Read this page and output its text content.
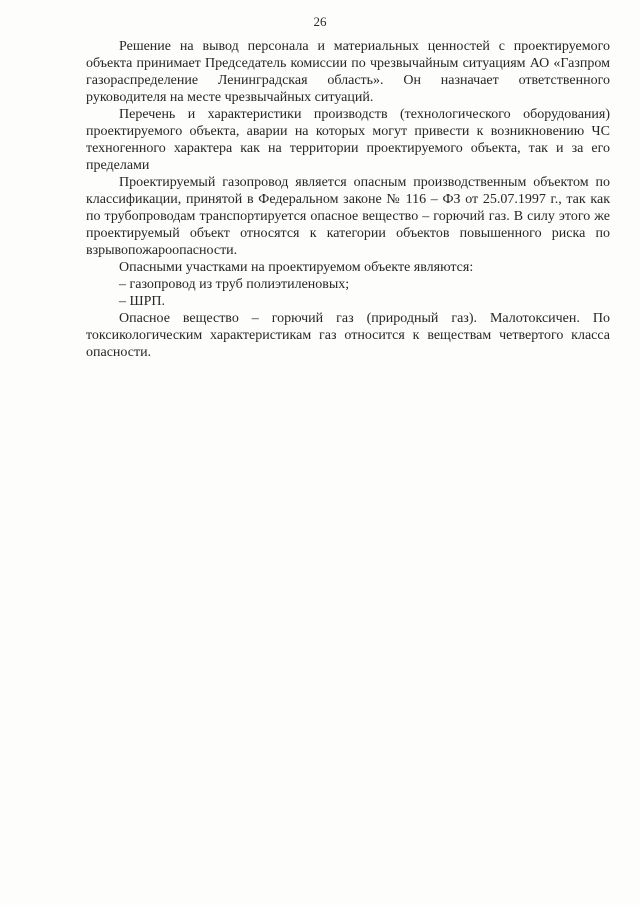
26

Решение на вывод персонала и материальных ценностей с проектируемого объекта принимает Председатель комиссии по чрезвычайным ситуациям АО «Газпром газораспределение Ленинградская область». Он назначает ответственного руководителя на месте чрезвычайных ситуаций.

Перечень и характеристики производств (технологического оборудования) проектируемого объекта, аварии на которых могут привести к возникновению ЧС техногенного характера как на территории проектируемого объекта, так и за его пределами

Проектируемый газопровод является опасным производственным объектом по классификации, принятой в Федеральном законе № 116 – ФЗ от 25.07.1997 г., так как по трубопроводам транспортируется опасное вещество – горючий газ. В силу этого же проектируемый объект относятся к категории объектов повышенного риска по взрывопожароопасности.

Опасными участками на проектируемом объекте являются:

– газопровод из труб полиэтиленовых;

– ШРП.

Опасное вещество – горючий газ (природный газ). Малотоксичен. По токсикологическим характеристикам газ относится к веществам четвертого класса опасности.
